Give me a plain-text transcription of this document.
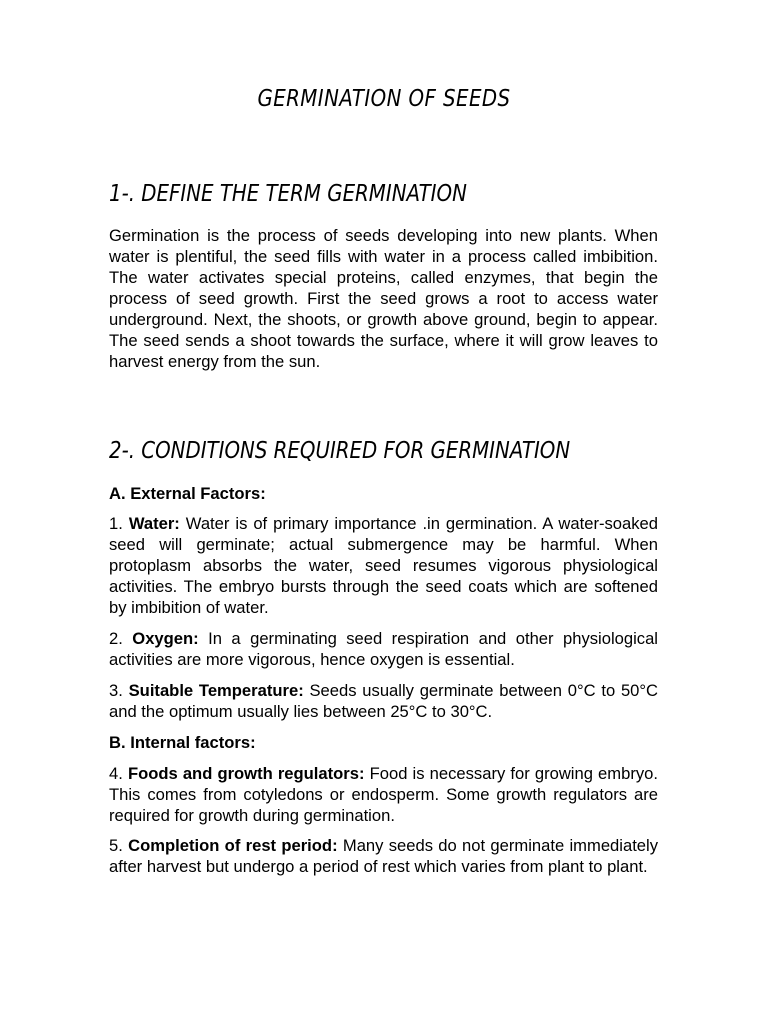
GERMINATION OF SEEDS
1-. DEFINE THE TERM GERMINATION

Germination is the process of seeds developing into new plants. When water is plentiful, the seed fills with water in a process called imbibition. The water activates special proteins, called enzymes, that begin the process of seed growth. First the seed grows a root to access water underground. Next, the shoots, or growth above ground, begin to appear. The seed sends a shoot towards the surface, where it will grow leaves to harvest energy from the sun.

2-. CONDITIONS REQUIRED FOR GERMINATION

A. External Factors:

1. Water: Water is of primary importance .in germination. A water-soaked seed will germinate; actual submergence may be harmful. When protoplasm absorbs the water, seed resumes vigorous physiological activities. The embryo bursts through the seed coats which are softened by imbibition of water.

2. Oxygen: In a germinating seed respiration and other physiological activities are more vigorous, hence oxygen is essential.

3. Suitable Temperature: Seeds usually germinate between 0°C to 50°C and the optimum usually lies between 25°C to 30°C.

B. Internal factors:

4. Foods and growth regulators: Food is necessary for growing embryo. This comes from cotyledons or endosperm. Some growth regulators are required for growth during germination.

5. Completion of rest period: Many seeds do not germinate immediately after harvest but undergo a period of rest which varies from plant to plant.
